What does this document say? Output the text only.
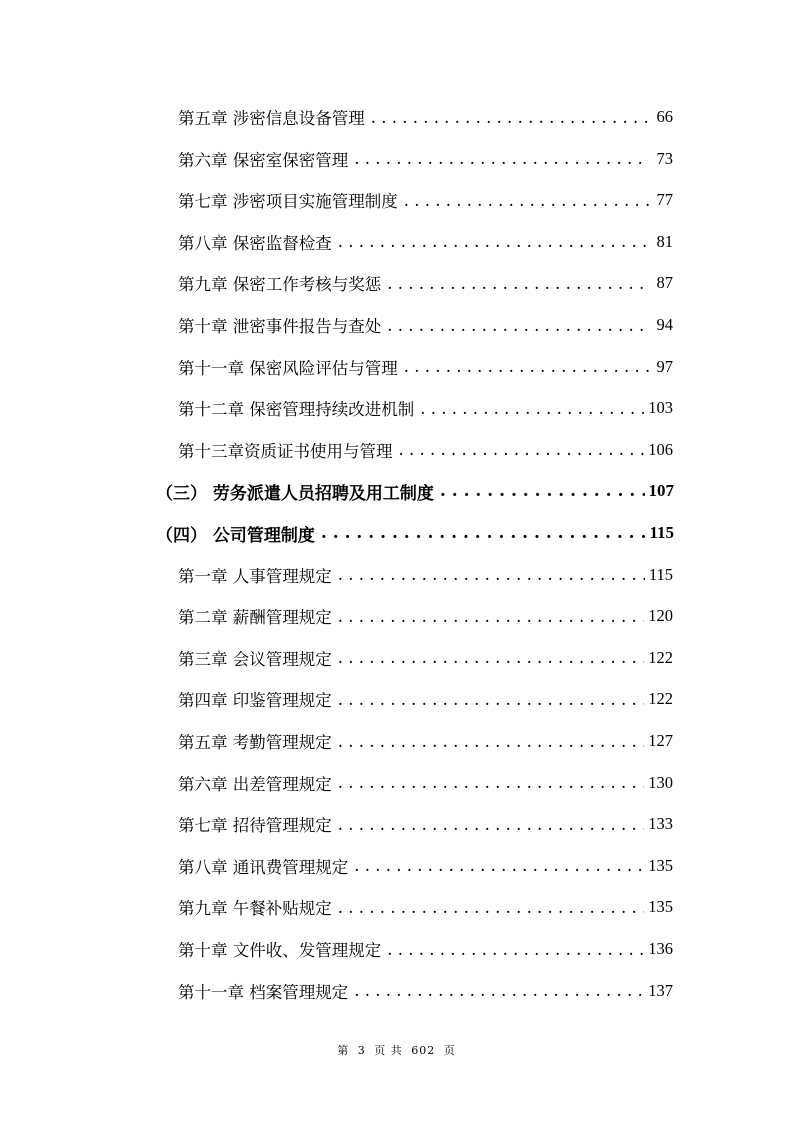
第五章 涉密信息设备管理 . . .	66
第六章 保密室保密管理 . . .	73
第七章 涉密项目实施管理制度 . . .	77
第八章 保密监督检查 . . .	81
第九章 保密工作考核与奖惩 . . .	87
第十章 泄密事件报告与查处 . . .	94
第十一章 保密风险评估与管理 . . .	97
第十二章 保密管理持续改进机制 . . .	103
第十三章资质证书使用与管理 . . .	106
（三） 劳务派遣人员招聘及用工制度 . . .	107
（四） 公司管理制度 . . .	115
第一章 人事管理规定 . . .	115
第二章 薪酬管理规定 . . .	120
第三章 会议管理规定 . . .	122
第四章 印鉴管理规定 . . .	122
第五章 考勤管理规定 . . .	127
第六章 出差管理规定 . . .	130
第七章 招待管理规定 . . .	133
第八章 通讯费管理规定 . . .	135
第九章 午餐补贴规定 . . .	135
第十章 文件收、发管理规定 . . .	136
第十一章 档案管理规定 . . .	137
第 3 页 共 602 页
